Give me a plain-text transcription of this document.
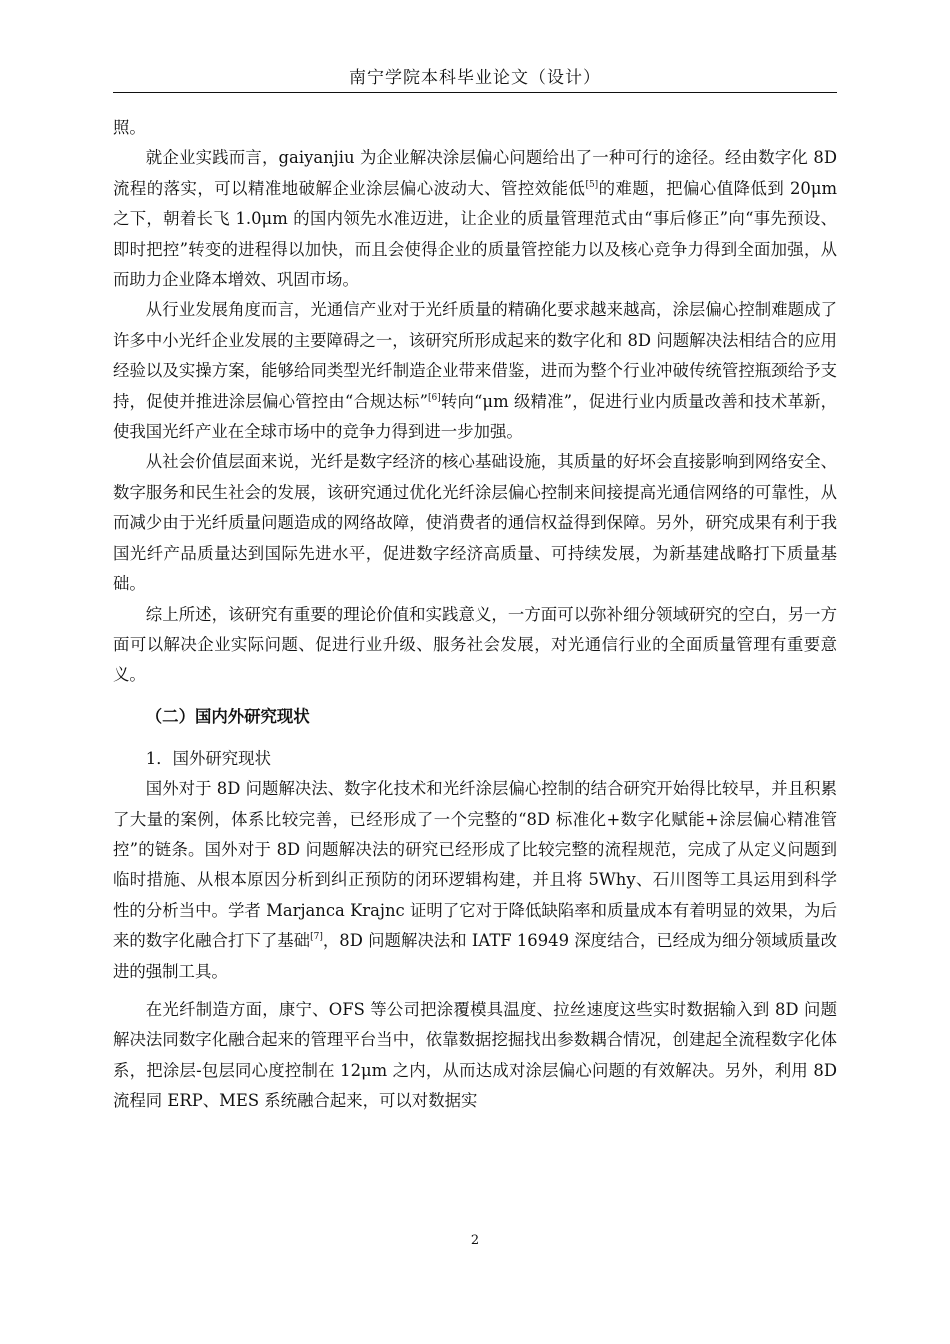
南宁学院本科毕业论文（设计）

照。

就企业实践而言，gaiyanjiu 为企业解决涂层偏心问题给出了一种可行的途径。经由数字化 8D 流程的落实，可以精准地破解企业涂层偏心波动大、管控效能低[5]的难题，把偏心值降低到 20μm 之下，朝着长飞 1.0μm 的国内领先水准迈进，让企业的质量管理范式由“事后修正”向“事先预设、即时把控”转变的进程得以加快，而且会使得企业的质量管控能力以及核心竞争力得到全面加强，从而助力企业降本增效、巩固市场。

从行业发展角度而言，光通信产业对于光纤质量的精确化要求越来越高，涂层偏心控制难题成了许多中小光纤企业发展的主要障碍之一，该研究所形成起来的数字化和 8D 问题解决法相结合的应用经验以及实操方案，能够给同类型光纤制造企业带来借鉴，进而为整个行业冲破传统管控瓶颈给予支持，促使并推进涂层偏心管控由“合规达标”[6]转向“μm 级精准”，促进行业内质量改善和技术革新，使我国光纤产业在全球市场中的竞争力得到进一步加强。

从社会价值层面来说，光纤是数字经济的核心基础设施，其质量的好坏会直接影响到网络安全、数字服务和民生社会的发展，该研究通过优化光纤涂层偏心控制来间接提高光通信网络的可靠性，从而减少由于光纤质量问题造成的网络故障，使消费者的通信权益得到保障。另外，研究成果有利于我国光纤产品质量达到国际先进水平，促进数字经济高质量、可持续发展，为新基建战略打下质量基础。

综上所述，该研究有重要的理论价值和实践意义，一方面可以弥补细分领域研究的空白，另一方面可以解决企业实际问题、促进行业升级、服务社会发展，对光通信行业的全面质量管理有重要意义。

（二）国内外研究现状
1．国外研究现状

国外对于 8D 问题解决法、数字化技术和光纤涂层偏心控制的结合研究开始得比较早，并且积累了大量的案例，体系比较完善，已经形成了一个完整的“8D 标准化+数字化赋能+涂层偏心精准管控”的链条。国外对于 8D 问题解决法的研究已经形成了比较完整的流程规范，完成了从定义问题到临时措施、从根本原因分析到纠正预防的闭环逻辑构建，并且将 5Why、石川图等工具运用到科学性的分析当中。学者 Marjanca Krajnc 证明了它对于降低缺陷率和质量成本有着明显的效果，为后来的数字化融合打下了基础[7]，8D 问题解决法和 IATF 16949 深度结合，已经成为细分领域质量改进的强制工具。

在光纤制造方面，康宁、OFS 等公司把涂覆模具温度、拉丝速度这些实时数据输入到 8D 问题解决法同数字化融合起来的管理平台当中，依靠数据挖掘找出参数耦合情况，创建起全流程数字化体系，把涂层-包层同心度控制在 12μm 之内，从而达成对涂层偏心问题的有效解决。另外，利用 8D 流程同 ERP、MES 系统融合起来，可以对数据实

2
